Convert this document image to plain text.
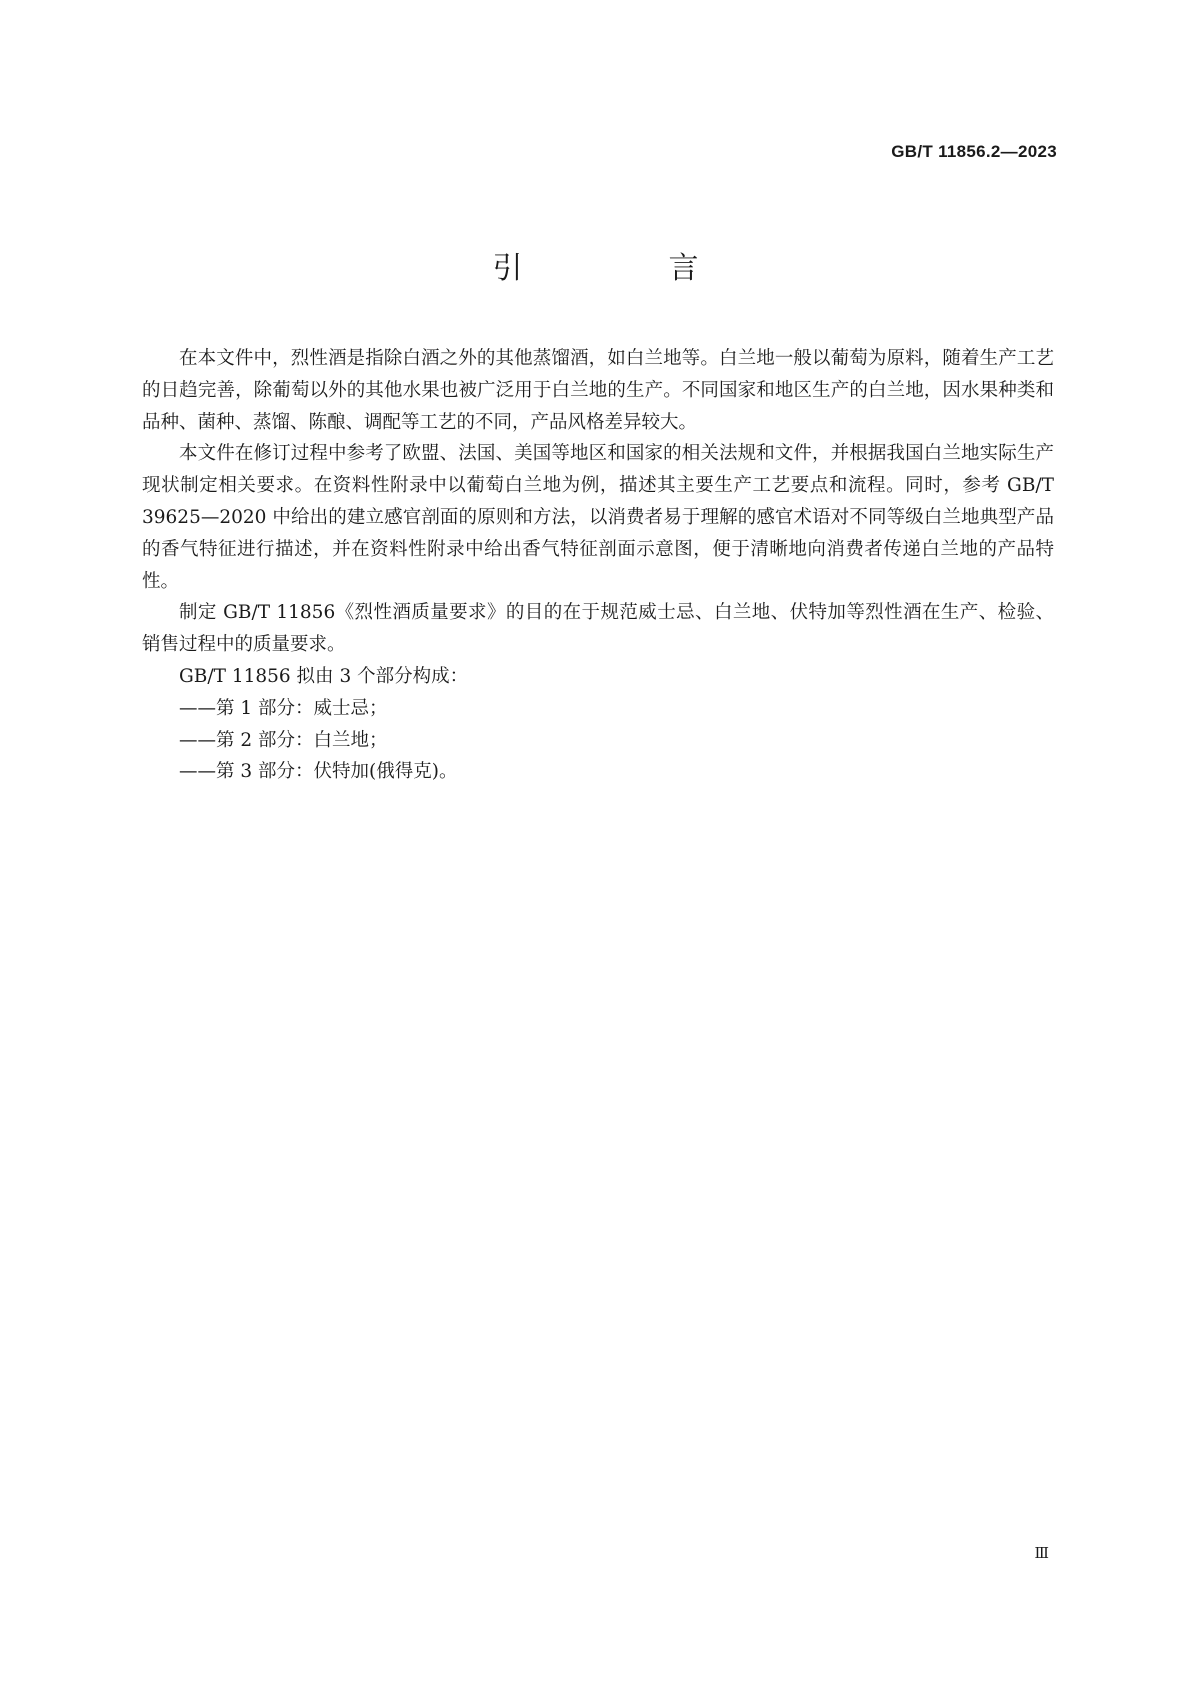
GB/T 11856.2—2023
引　言

在本文件中，烈性酒是指除白酒之外的其他蒸馏酒，如白兰地等。白兰地一般以葡萄为原料，随着生产工艺的日趋完善，除葡萄以外的其他水果也被广泛用于白兰地的生产。不同国家和地区生产的白兰地，因水果种类和品种、菌种、蒸馏、陈酿、调配等工艺的不同，产品风格差异较大。

本文件在修订过程中参考了欧盟、法国、美国等地区和国家的相关法规和文件，并根据我国白兰地实际生产现状制定相关要求。在资料性附录中以葡萄白兰地为例，描述其主要生产工艺要点和流程。同时，参考 GB/T 39625—2020 中给出的建立感官剖面的原则和方法，以消费者易于理解的感官术语对不同等级白兰地典型产品的香气特征进行描述，并在资料性附录中给出香气特征剖面示意图，便于清晰地向消费者传递白兰地的产品特性。

制定 GB/T 11856《烈性酒质量要求》的目的在于规范威士忌、白兰地、伏特加等烈性酒在生产、检验、销售过程中的质量要求。

GB/T 11856 拟由 3 个部分构成：

——第 1 部分：威士忌；
——第 2 部分：白兰地；
——第 3 部分：伏特加(俄得克)。
Ⅲ
